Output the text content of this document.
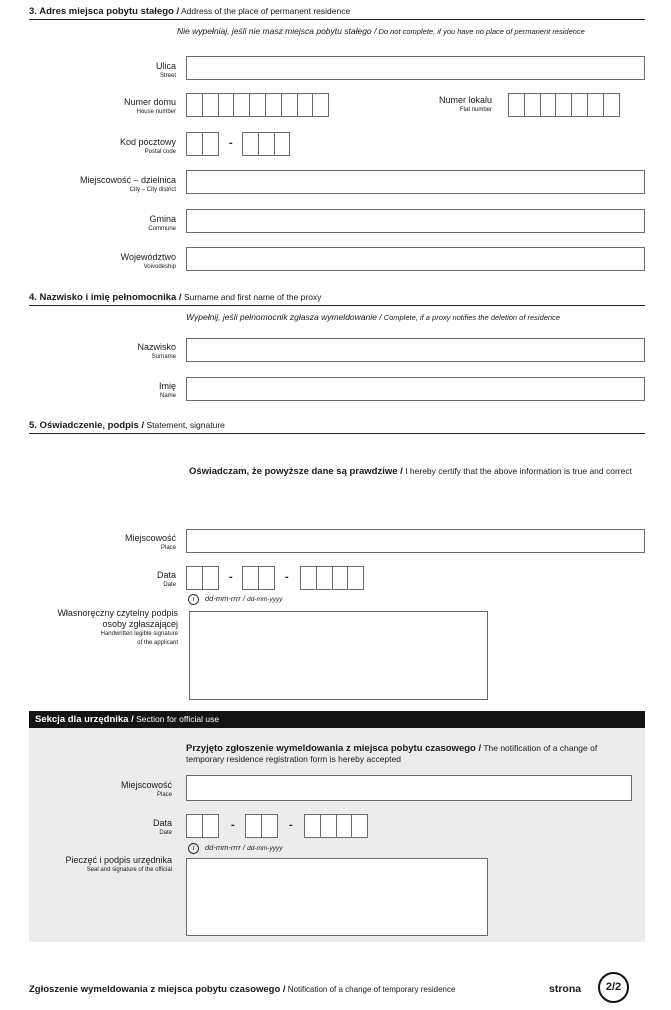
3. Adres miejsca pobytu stałego / Address of the place of permanent residence
Nie wypełniaj, jeśli nie masz miejsca pobytu stałego / Do not complete, if you have no place of permanent residence
Ulica
Street
Numer domu
House number
Numer lokalu
Flat number
Kod pocztowy
Postal code
-
Miejscowość – dzielnica
City – City district
Gmina
Commune
Województwo
Voivodeship
4. Nazwisko i imię pełnomocnika / Surname and first name of the proxy
Wypełnij, jeśli pełnomocnik zgłasza wymeldowanie / Complete, if a proxy notifies the deletion of residence
Nazwisko
Surname
Imię
Name
5. Oświadczenie, podpis / Statement, signature
Oświadczam, że powyższe dane są prawdziwe / I hereby certify that the above information is true and correct
Miejscowość
Place
Data
Date
-	-
i dd-mm-rrrr / dd-mm-yyyy
Własnoręczny czytelny podpis
osoby zgłaszającej
Handwritten legible signature
of the applicant
Sekcja dla urzędnika / Section for official use
Przyjęto zgłoszenie wymeldowania z miejsca pobytu czasowego / The notification of a change of temporary residence registration form is hereby accepted
Miejscowość
Place
Data
Date
-	-
i dd-mm-rrrr / dd-mm-yyyy
Pieczęć i podpis urzędnika
Seal and signature of the official
Zgłoszenie wymeldowania z miejsca pobytu czasowego / Notification of a change of temporary residence	strona	2/2
